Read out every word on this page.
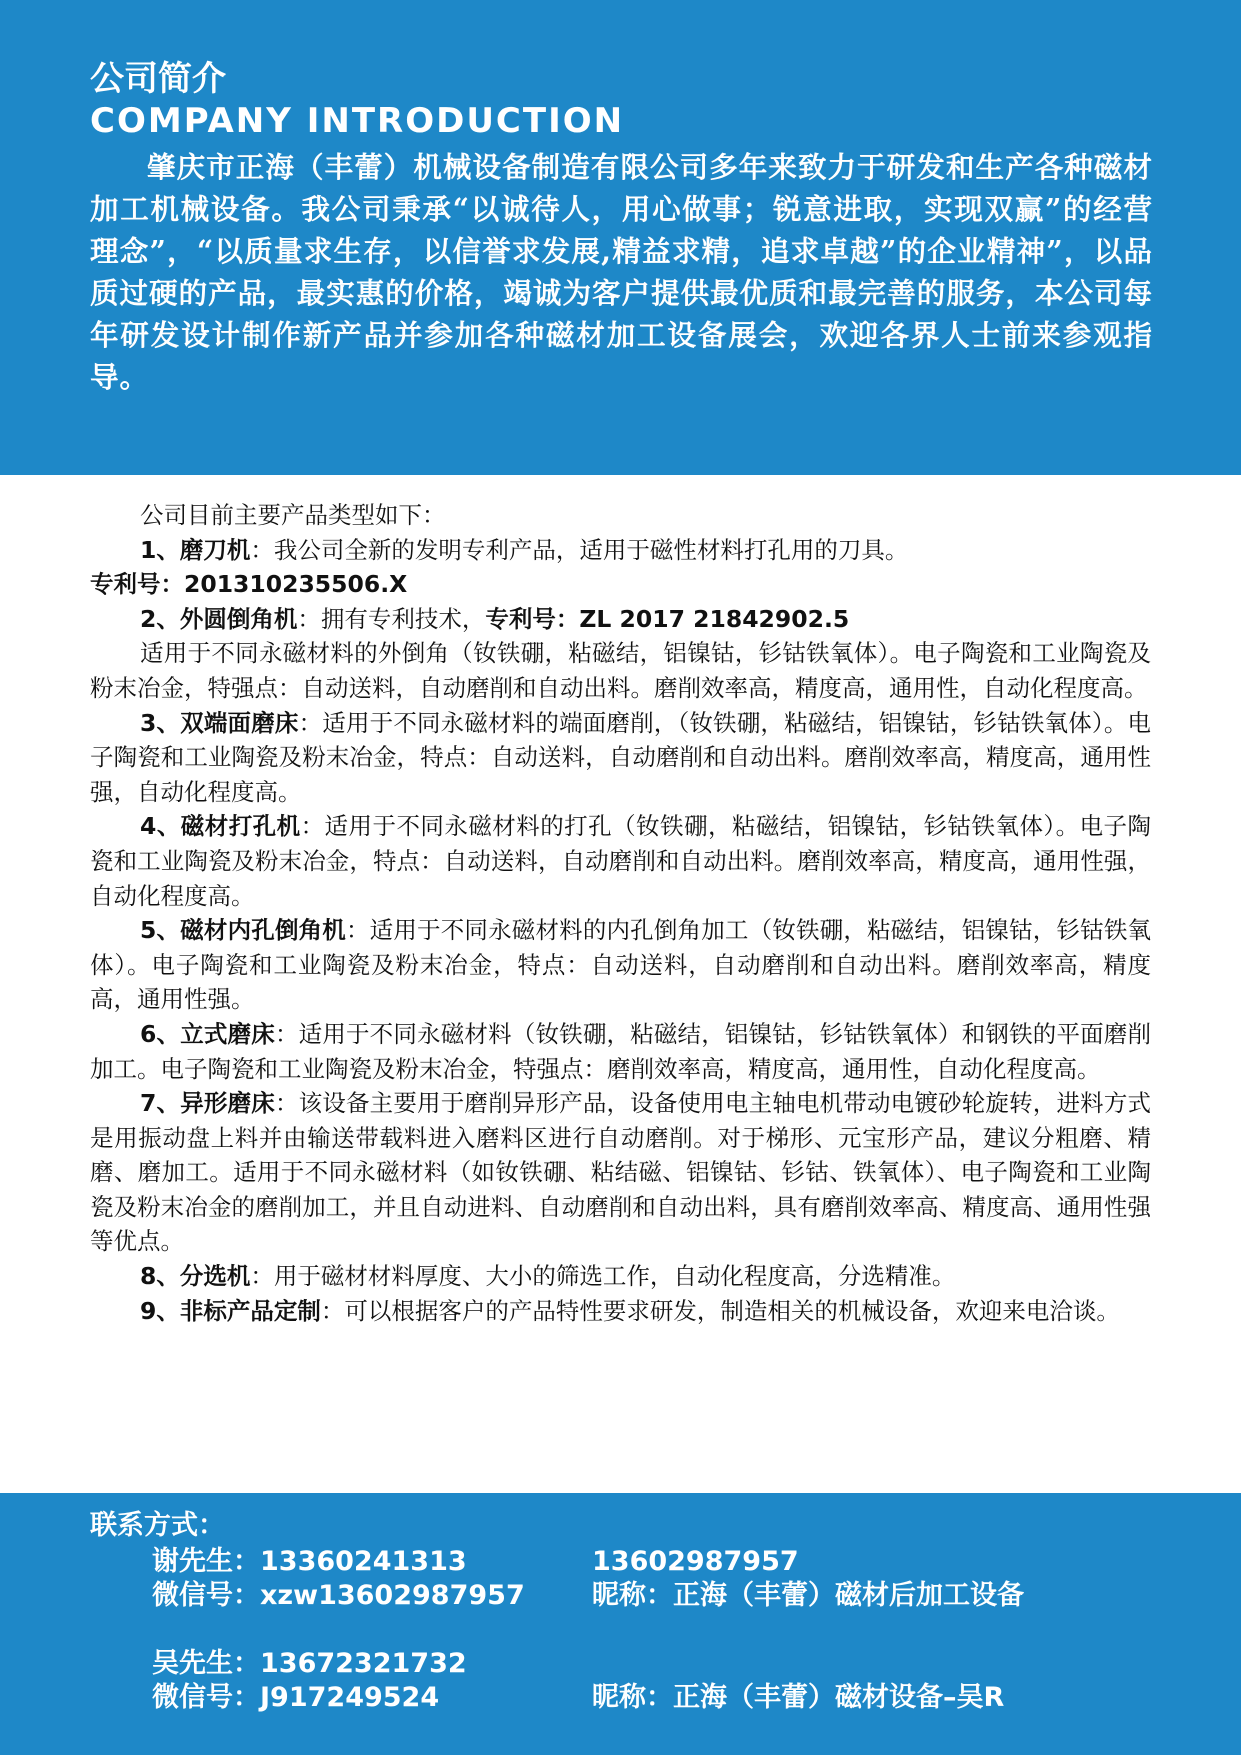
公司简介
COMPANY INTRODUCTION
肇庆市正海（丰蕾）机械设备制造有限公司多年来致力于研发和生产各种磁材加工机械设备。我公司秉承“以诚待人，用心做事；锐意进取，实现双赢”的经营理念”，“以质量求生存，以信誉求发展,精益求精，追求卓越”的企业精神”，以品质过硬的产品，最实惠的价格，竭诚为客户提供最优质和最完善的服务，本公司每年研发设计制作新产品并参加各种磁材加工设备展会，欢迎各界人士前来参观指导。

公司目前主要产品类型如下：

1、磨刀机：我公司全新的发明专利产品，适用于磁性材料打孔用的刀具。

专利号：201310235506.X

2、外圆倒角机：拥有专利技术，专利号：ZL 2017 21842902.5

适用于不同永磁材料的外倒角（钕铁硼，粘磁结，铝镍钴，钐钴铁氧体）。电子陶瓷和工业陶瓷及粉末冶金，特强点：自动送料，自动磨削和自动出料。磨削效率高，精度高，通用性，自动化程度高。

3、双端面磨床：适用于不同永磁材料的端面磨削，（钕铁硼，粘磁结，铝镍钴，钐钴铁氧体）。电子陶瓷和工业陶瓷及粉末冶金，特点：自动送料，自动磨削和自动出料。磨削效率高，精度高，通用性强，自动化程度高。

4、磁材打孔机：适用于不同永磁材料的打孔（钕铁硼，粘磁结，铝镍钴，钐钴铁氧体）。电子陶瓷和工业陶瓷及粉末冶金，特点：自动送料，自动磨削和自动出料。磨削效率高，精度高，通用性强，自动化程度高。

5、磁材内孔倒角机：适用于不同永磁材料的内孔倒角加工（钕铁硼，粘磁结，铝镍钴，钐钴铁氧体）。电子陶瓷和工业陶瓷及粉末冶金，特点：自动送料，自动磨削和自动出料。磨削效率高，精度高，通用性强。

6、立式磨床：适用于不同永磁材料（钕铁硼，粘磁结，铝镍钴，钐钴铁氧体）和钢铁的平面磨削加工。电子陶瓷和工业陶瓷及粉末冶金，特强点：磨削效率高，精度高，通用性，自动化程度高。

7、异形磨床：该设备主要用于磨削异形产品，设备使用电主轴电机带动电镀砂轮旋转，进料方式是用振动盘上料并由输送带载料进入磨料区进行自动磨削。对于梯形、元宝形产品，建议分粗磨、精磨、磨加工。适用于不同永磁材料（如钕铁硼、粘结磁、铝镍钴、钐钴、铁氧体）、电子陶瓷和工业陶瓷及粉末冶金的磨削加工，并且自动进料、自动磨削和自动出料，具有磨削效率高、精度高、通用性强等优点。

8、分选机：用于磁材材料厚度、大小的筛选工作，自动化程度高，分选精准。

9、非标产品定制：可以根据客户的产品特性要求研发，制造相关的机械设备，欢迎来电洽谈。

联系方式：
谢先生：13360241313	13602987957
微信号：xzw13602987957 昵称：正海（丰蕾）磁材后加工设备
吴先生：13672321732
微信号：J917249524	昵称：正海（丰蕾）磁材设备–吴R
